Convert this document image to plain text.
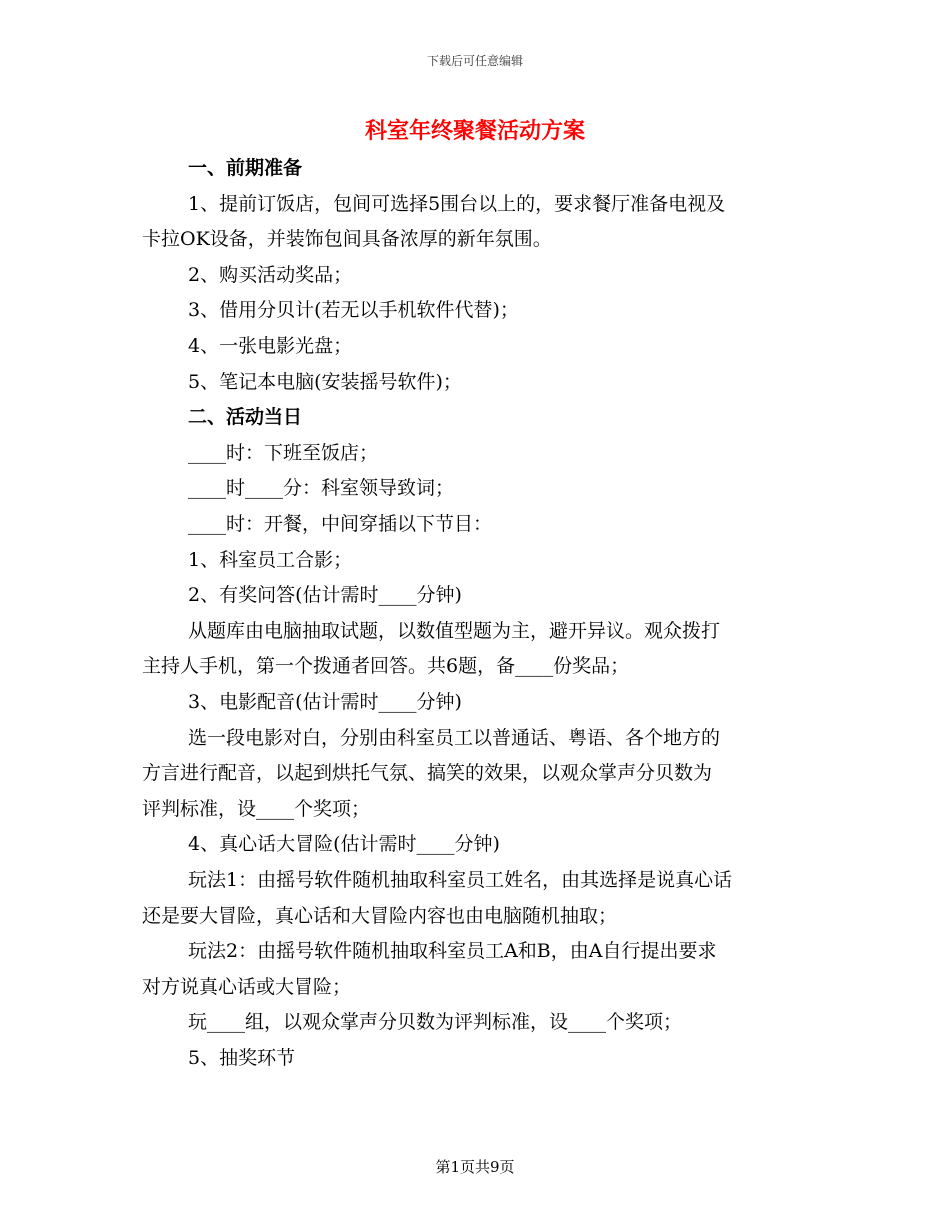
下载后可任意编辑
科室年终聚餐活动方案
一、前期准备
1、提前订饭店，包间可选择5围台以上的，要求餐厅准备电视及
卡拉OK设备，并装饰包间具备浓厚的新年氛围。
2、购买活动奖品；
3、借用分贝计(若无以手机软件代替)；
4、一张电影光盘；
5、笔记本电脑(安装摇号软件)；
二、活动当日
____时：下班至饭店；
____时____分：科室领导致词；
____时：开餐，中间穿插以下节目：
1、科室员工合影；
2、有奖问答(估计需时____分钟)
从题库由电脑抽取试题，以数值型题为主，避开异议。观众拨打
主持人手机，第一个拨通者回答。共6题，备____份奖品；
3、电影配音(估计需时____分钟)
选一段电影对白，分别由科室员工以普通话、粤语、各个地方的
方言进行配音，以起到烘托气氛、搞笑的效果，以观众掌声分贝数为
评判标准，设____个奖项；
4、真心话大冒险(估计需时____分钟)
玩法1：由摇号软件随机抽取科室员工姓名，由其选择是说真心话
还是要大冒险，真心话和大冒险内容也由电脑随机抽取；
玩法2：由摇号软件随机抽取科室员工A和B，由A自行提出要求
对方说真心话或大冒险；
玩____组，以观众掌声分贝数为评判标准，设____个奖项；
5、抽奖环节
第1页共9页
